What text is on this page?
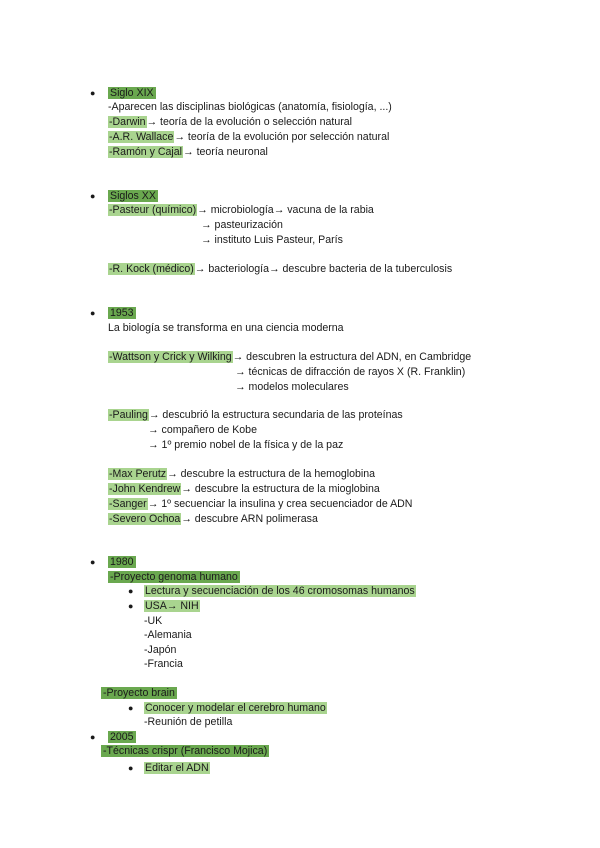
● Siglo XIX
-Aparecen las disciplinas biológicas (anatomía, fisiología, ...)
-Darwin→ teoría de la evolución o selección natural
-A.R. Wallace→ teoría de la evolución por selección natural
-Ramón y Cajal→ teoría neuronal
● Siglos XX
-Pasteur (químico)→ microbiología→ vacuna de la rabia
→ pasteurización
→ instituto Luis Pasteur, París
-R. Kock (médico)→ bacteriología→ descubre bacteria de la tuberculosis
● 1953
La biología se transforma en una ciencia moderna
-Wattson y Crick y Wilking→ descubren la estructura del ADN, en Cambridge
→ técnicas de difracción de rayos X (R. Franklin)
→ modelos moleculares
-Pauling→ descubrió la estructura secundaria de las proteínas
→ compañero de Kobe
→ 1º premio nobel de la física y de la paz
-Max Perutz→ descubre la estructura de la hemoglobina
-John Kendrew→ descubre la estructura de la mioglobina
-Sanger→ 1º secuenciar la insulina y crea secuenciador de ADN
-Severo Ochoa→ descubre ARN polimerasa
● 1980
-Proyecto genoma humano
● Lectura y secuenciación de los 46 cromosomas humanos
● USA→ NIH
-UK
-Alemania
-Japón
-Francia
-Proyecto brain
● Conocer y modelar el cerebro humano
-Reunión de petilla
● 2005
-Técnicas crispr (Francisco Mojica)
● Editar el ADN
